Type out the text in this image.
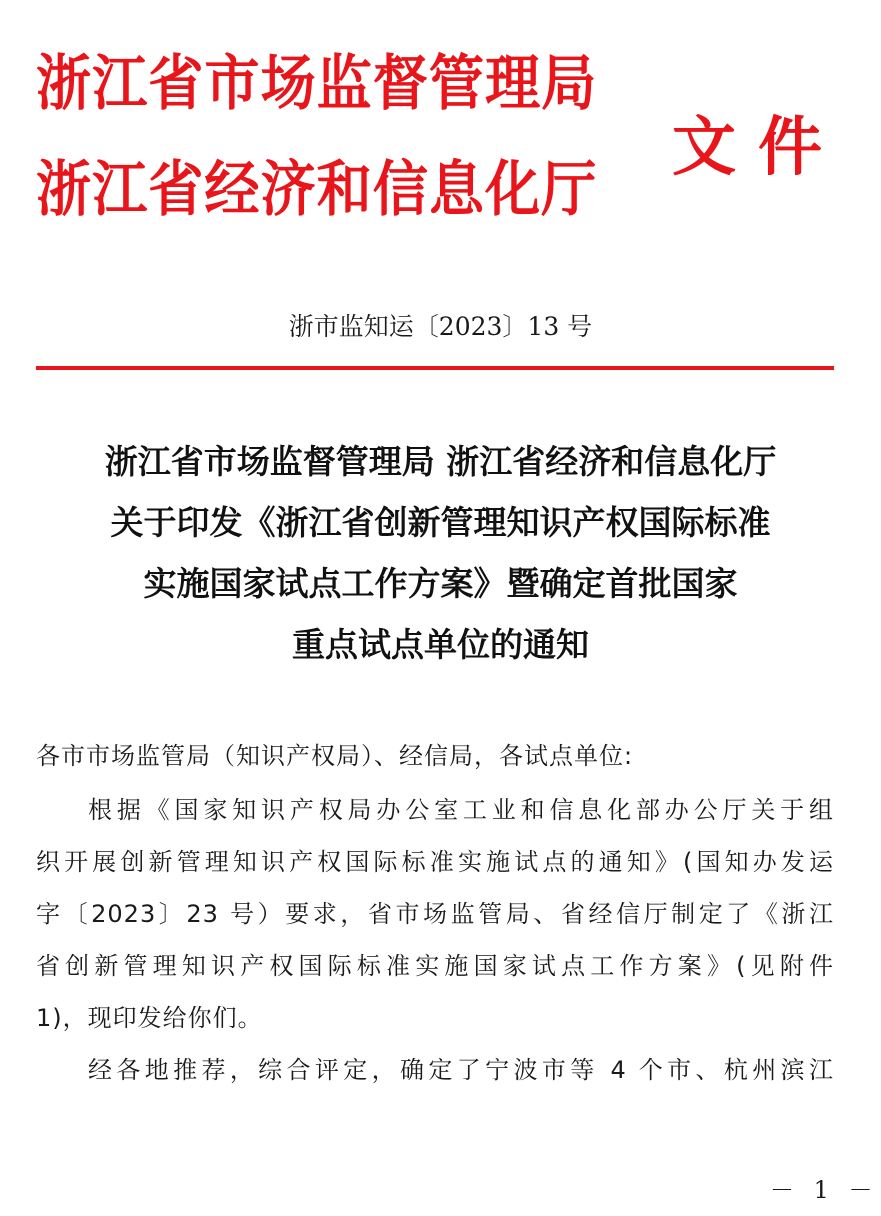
浙江省市场监督管理局
浙江省经济和信息化厅
文件
浙市监知运〔2023〕13 号
浙江省市场监督管理局 浙江省经济和信息化厅
关于印发《浙江省创新管理知识产权国际标准
实施国家试点工作方案》暨确定首批国家
重点试点单位的通知
各市市场监管局（知识产权局）、经信局，各试点单位:
根据《国家知识产权局办公室工业和信息化部办公厅关于组
织开展创新管理知识产权国际标准实施试点的通知》(国知办发运
字〔2023〕23 号）要求，省市场监管局、省经信厅制定了《浙江
省创新管理知识产权国际标准实施国家试点工作方案》(见附件
1)，现印发给你们。
经各地推荐，综合评定，确定了宁波市等 4 个市、杭州滨江
－ 1 －
